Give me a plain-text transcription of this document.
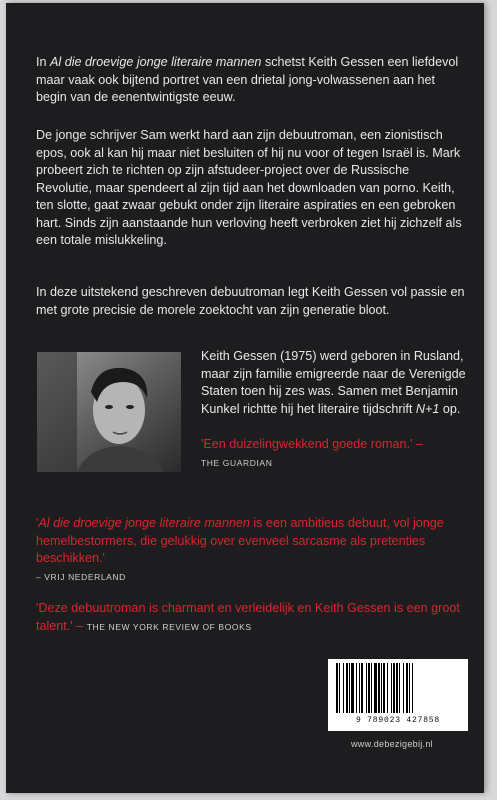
In Al die droevige jonge literaire mannen schetst Keith Gessen een liefdevol maar vaak ook bijtend portret van een drietal jong-volwassenen aan het begin van de eenentwintigste eeuw.

De jonge schrijver Sam werkt hard aan zijn debuutroman, een zionistisch epos, ook al kan hij maar niet besluiten of hij nu voor of tegen Israël is. Mark probeert zich te richten op zijn afstudeer-project over de Russische Revolutie, maar spendeert al zijn tijd aan het downloaden van porno. Keith, ten slotte, gaat zwaar gebukt onder zijn literaire aspiraties en een gebroken hart. Sinds zijn aanstaande hun verloving heeft verbroken ziet hij zichzelf als een totale mislukkeling.

In deze uitstekend geschreven debuutroman legt Keith Gessen vol passie en met grote precisie de morele zoektocht van zijn generatie bloot.

Keith Gessen (1975) werd geboren in Rusland, maar zijn familie emigreerde naar de Verenigde Staten toen hij zes was. Samen met Benjamin Kunkel richtte hij het literaire tijdschrift N+1 op.

'Een duizelingwekkend goede roman.' –
THE GUARDIAN

'Al die droevige jonge literaire mannen is een ambitieus debuut, vol jonge hemelbestormers, die gelukkig over evenveel sarcasme als pretenties beschikken.'
– VRIJ NEDERLAND

'Deze debuutroman is charmant en verleidelijk en Keith Gessen is een groot talent.' – THE NEW YORK REVIEW OF BOOKS

9 789023 427858
www.debezigebij.nl
